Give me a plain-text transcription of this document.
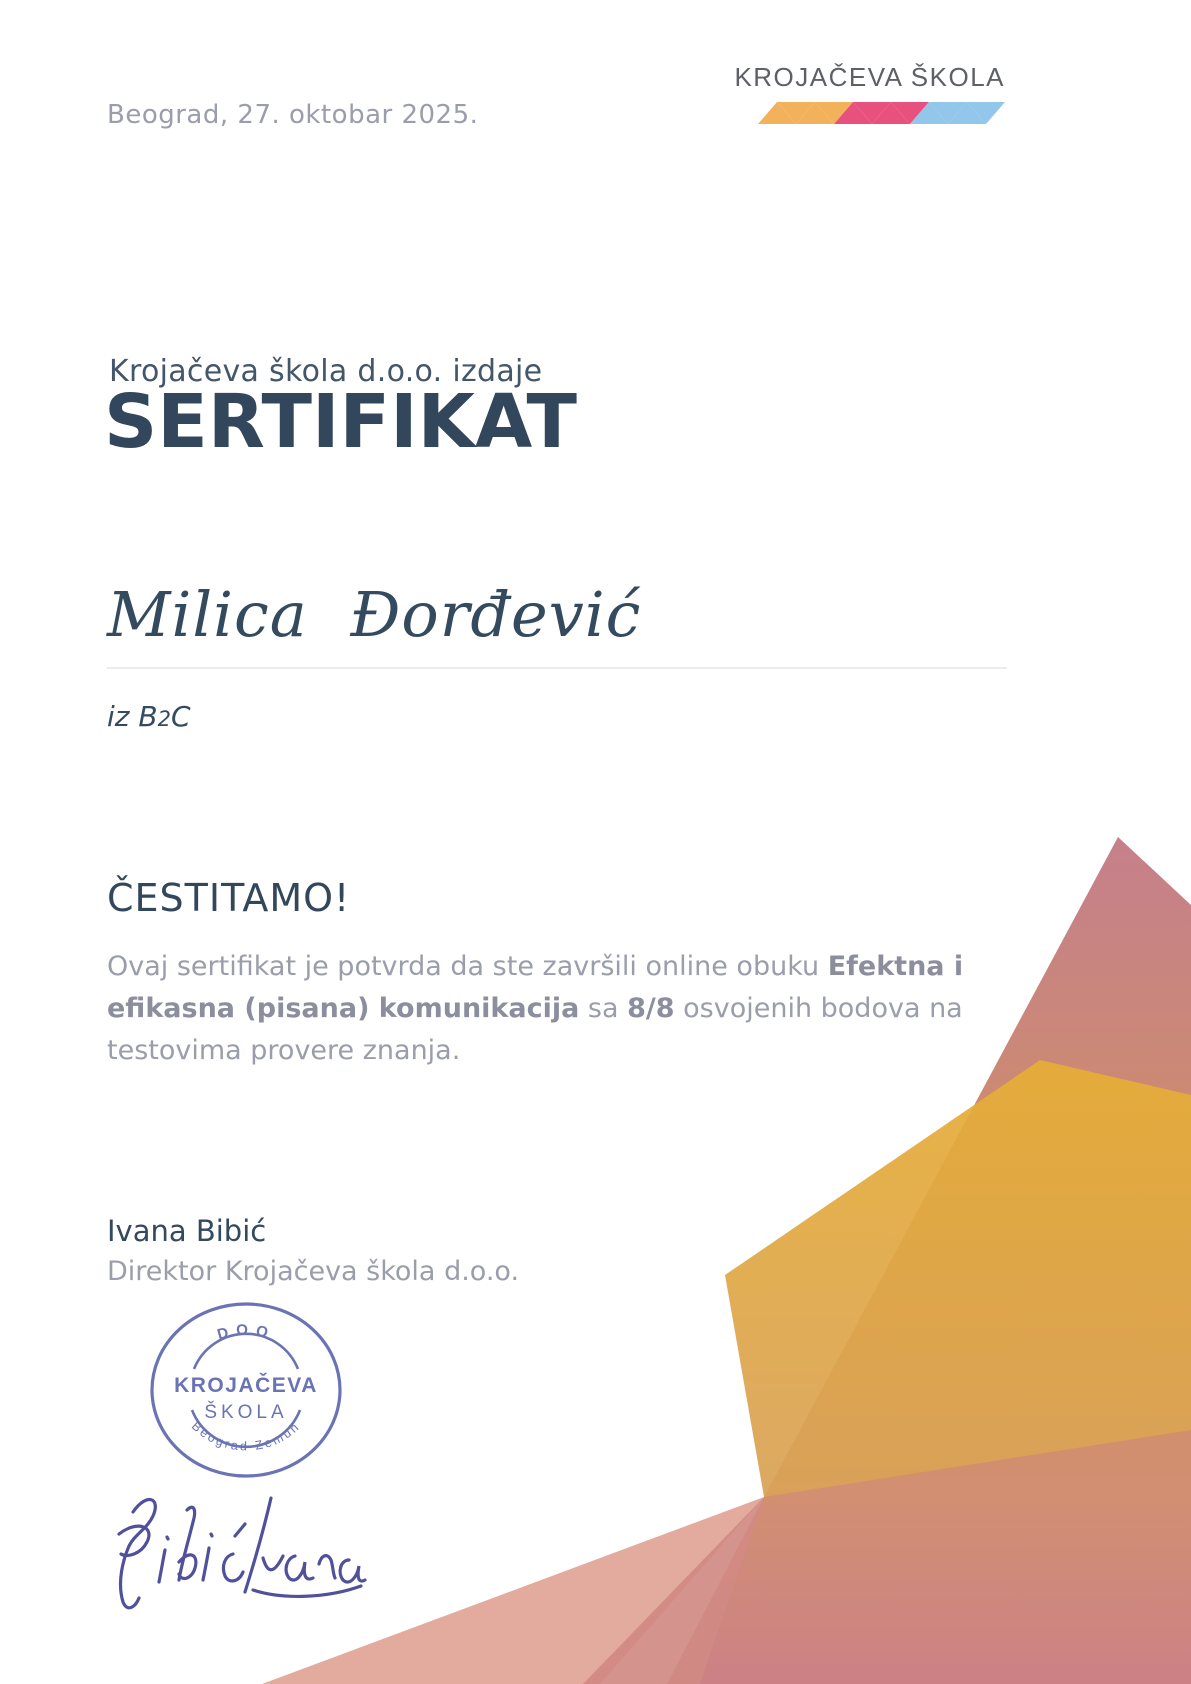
Beograd, 27. oktobar 2025.
KROJAČEVA ŠKOLA
Krojačeva škola d.o.o. izdaje
SERTIFIKAT
Milica Đorđević
iz B2C
ČESTITAMO!
Ovaj sertifikat je potvrda da ste završili online obuku Efektna i efikasna (pisana) komunikacija sa 8/8 osvojenih bodova na testovima provere znanja.
Ivana Bibić
Direktor Krojačeva škola d.o.o.
DOO
KROJAČEVA
ŠKOLA
Beograd-Zemun
